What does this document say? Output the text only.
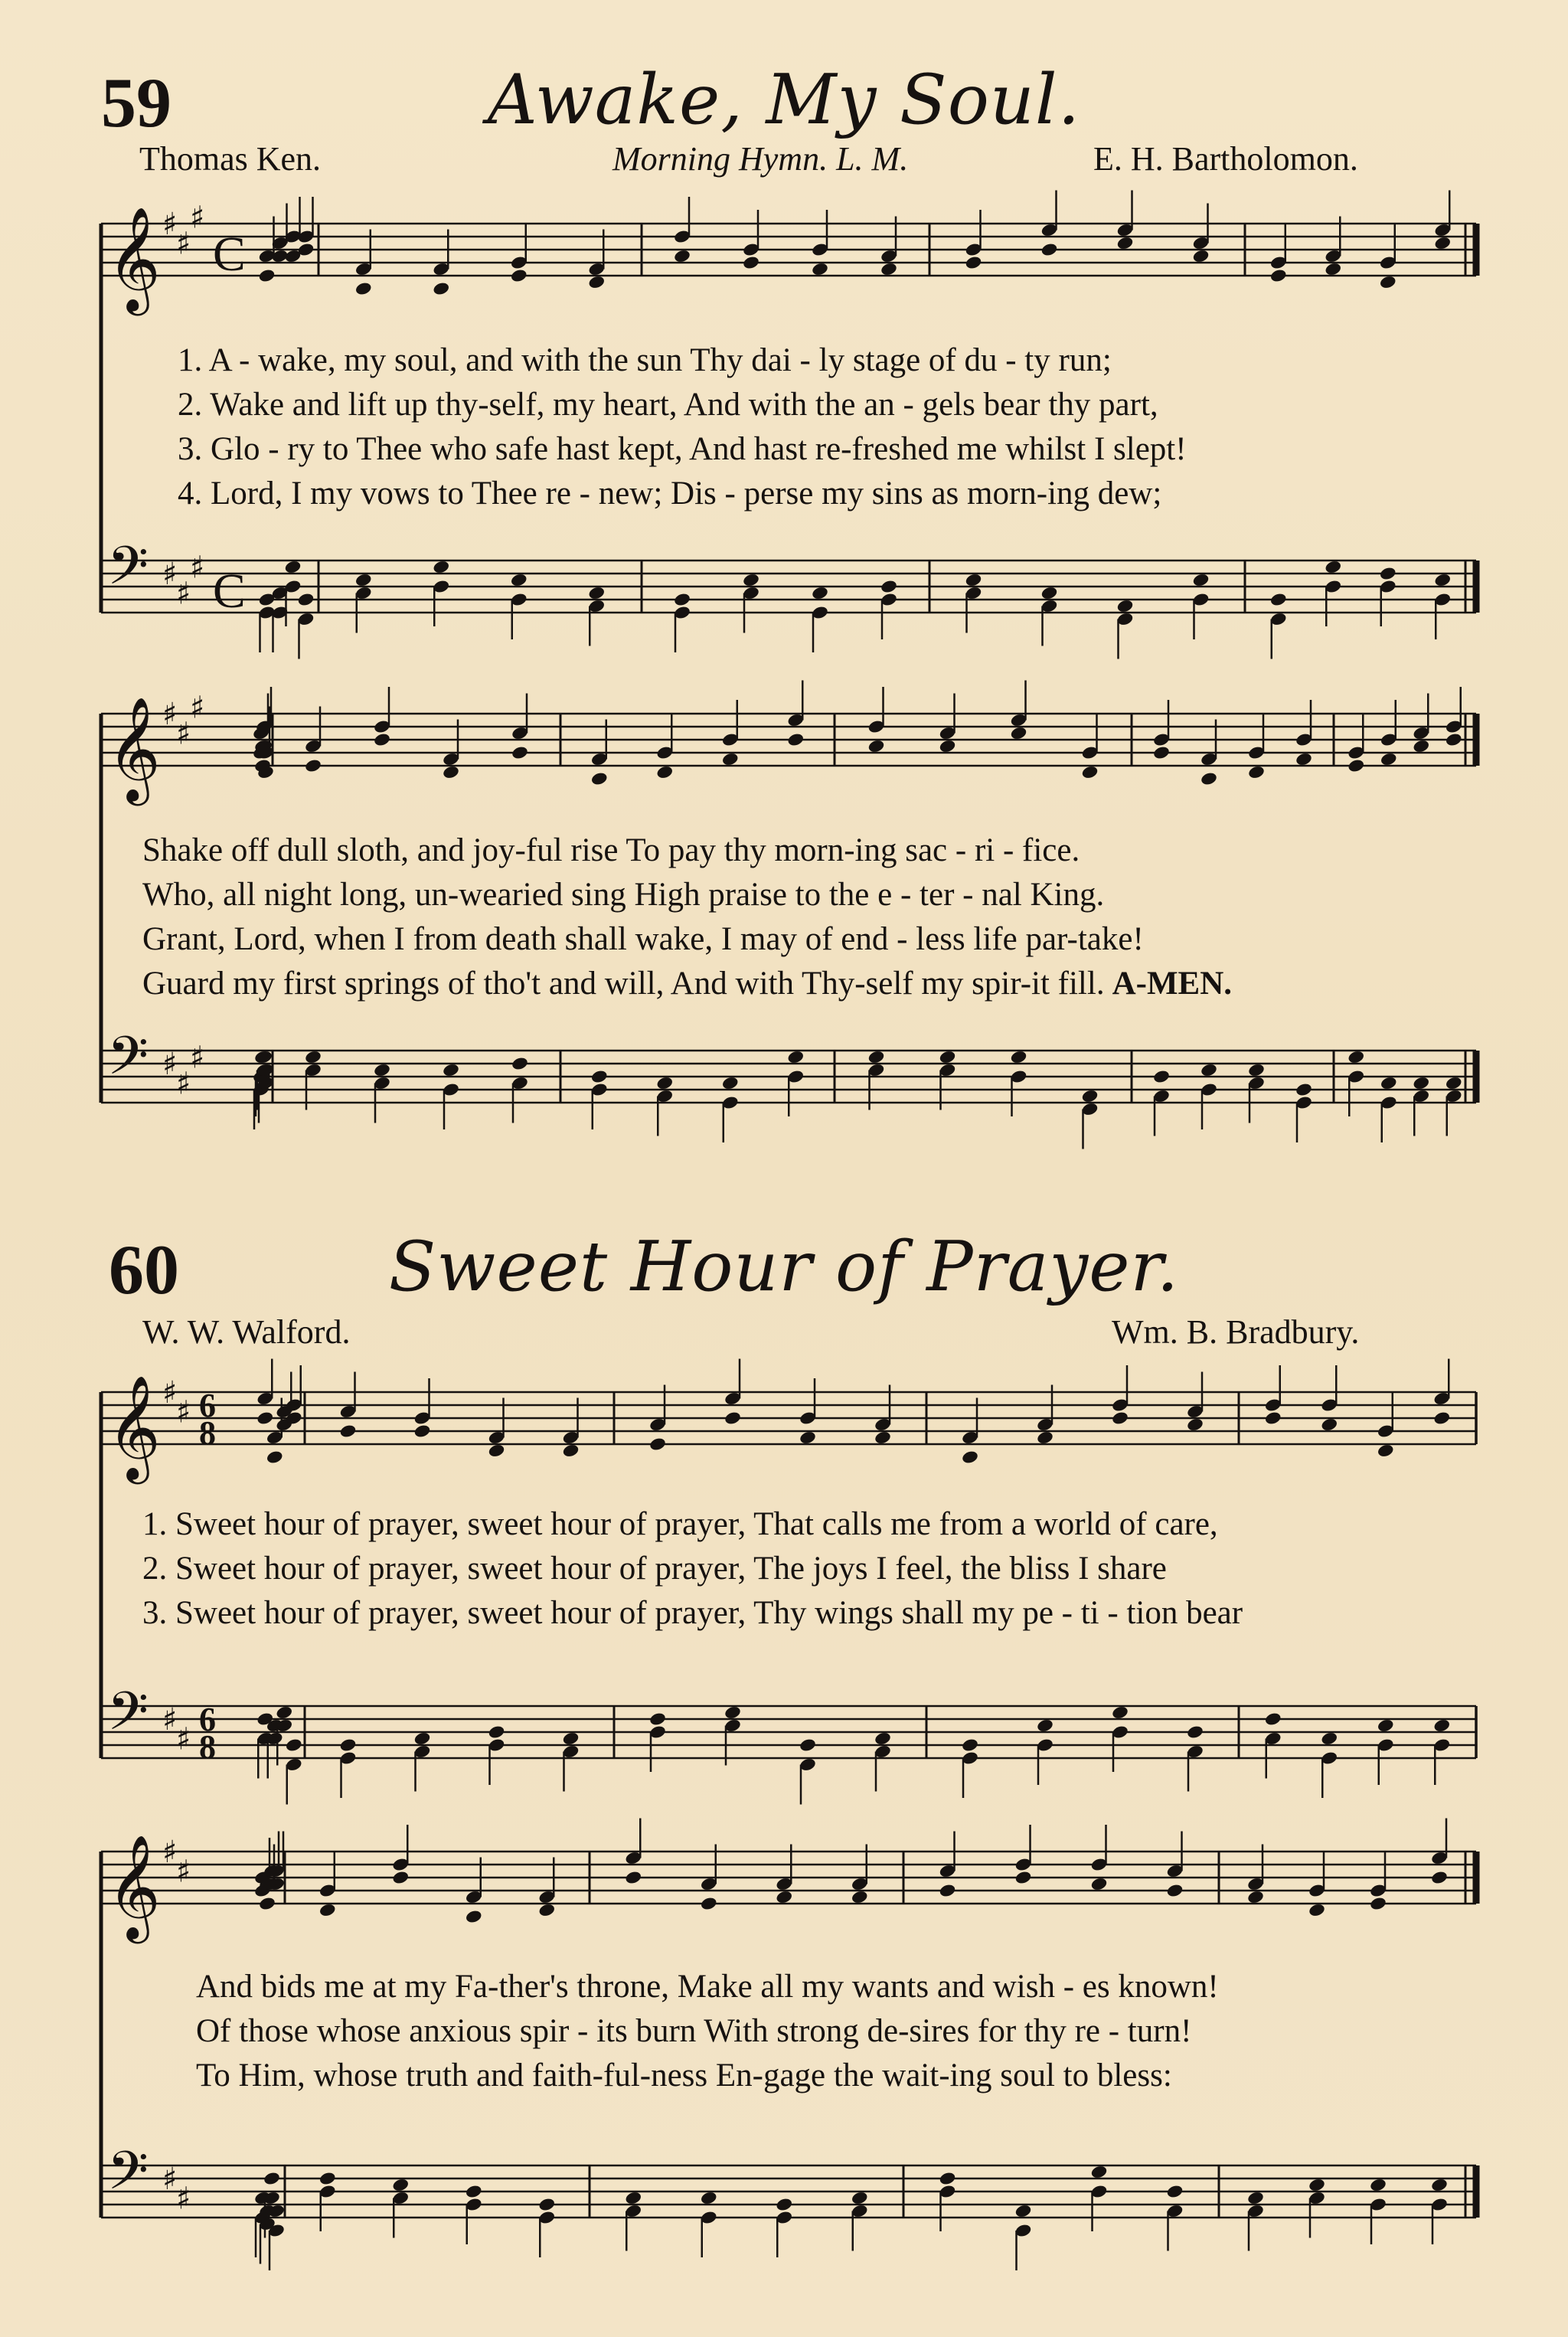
59	Awake, My Soul.
Thomas Ken.	Morning Hymn. L. M.	E. H. Bartholomon.
60	Sweet Hour of Prayer.
W. W. Walford.	Wm. B. Bradbury.
𝄞 ♯
♯
♯
C
𝄢 ♯
♯
♯ C
𝄞 ♯
♯
♯
𝄢 ♯
♯
♯
𝄞 ♯
♯ 6
8
𝄢 ♯
♯
6
8
𝄞 ♯
♯
𝄢 ♯
♯
1. A - wake, my soul, and with the sun Thy dai - ly stage of du - ty run;
2. Wake and lift up thy-self, my heart, And with the an - gels bear thy part,
3. Glo - ry to Thee who safe hast kept, And hast re-freshed me whilst I slept!
4. Lord, I my vows to Thee re - new; Dis - perse my sins as morn-ing dew;
Shake off dull sloth, and joy-ful rise To pay thy morn-ing sac - ri - fice.
Who, all night long, un-wearied sing High praise to the e - ter - nal King.
Grant, Lord, when I from death shall wake, I may of end - less life par-take!
Guard my first springs of tho't and will, And with Thy-self my spir-it fill. A-MEN.
1. Sweet hour of prayer, sweet hour of prayer, That calls me from a world of care,
2. Sweet hour of prayer, sweet hour of prayer, The joys I feel, the bliss I share
3. Sweet hour of prayer, sweet hour of prayer, Thy wings shall my pe - ti - tion bear
And bids me at my Fa-ther's throne, Make all my wants and wish - es known!
Of those whose anxious spir - its burn With strong de-sires for thy re - turn!
To Him, whose truth and faith-ful-ness En-gage the wait-ing soul to bless:
